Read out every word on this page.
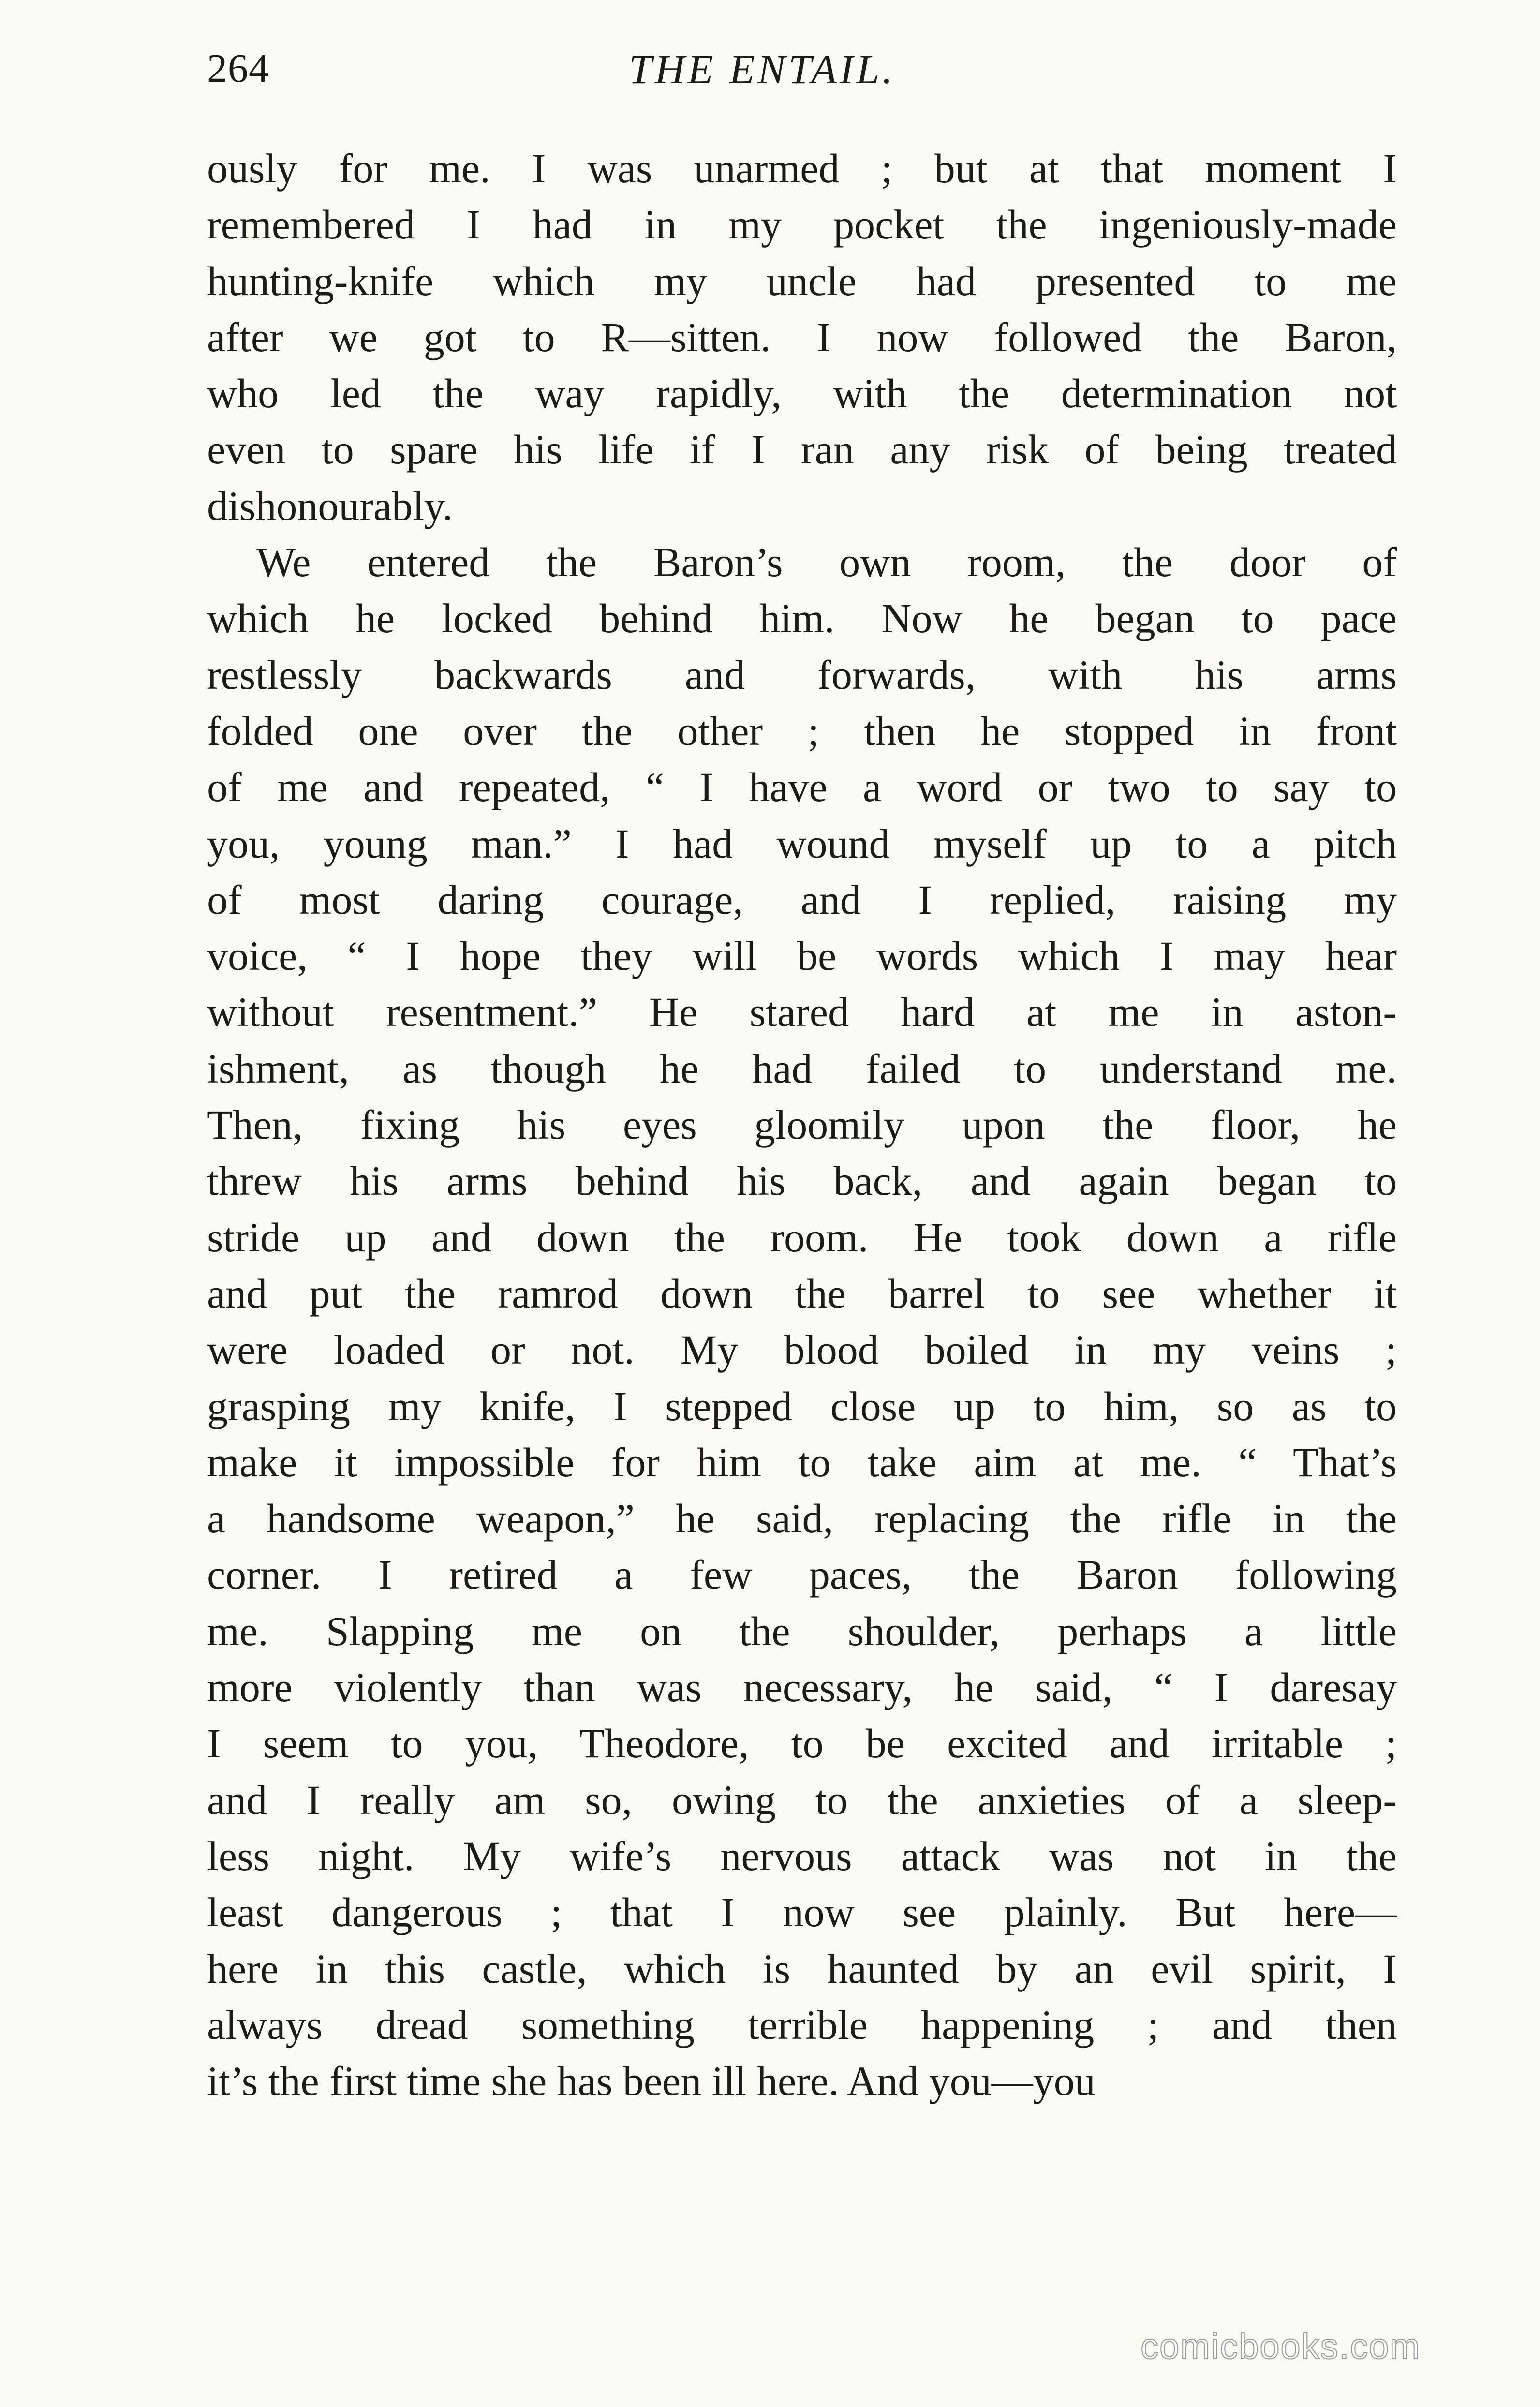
264	THE ENTAIL.
ously for me. I was unarmed ; but at that moment I
remembered I had in my pocket the ingeniously-made
hunting-knife which my uncle had presented to me
after we got to R—sitten. I now followed the Baron,
who led the way rapidly, with the determination not
even to spare his life if I ran any risk of being treated
dishonourably.
We entered the Baron’s own room, the door of
which he locked behind him. Now he began to pace
restlessly backwards and forwards, with his arms
folded one over the other ; then he stopped in front
of me and repeated, “ I have a word or two to say to
you, young man.” I had wound myself up to a pitch
of most daring courage, and I replied, raising my
voice, “ I hope they will be words which I may hear
without resentment.” He stared hard at me in aston-
ishment, as though he had failed to understand me.
Then, fixing his eyes gloomily upon the floor, he
threw his arms behind his back, and again began to
stride up and down the room. He took down a rifle
and put the ramrod down the barrel to see whether it
were loaded or not. My blood boiled in my veins ;
grasping my knife, I stepped close up to him, so as to
make it impossible for him to take aim at me. “ That’s
a handsome weapon,” he said, replacing the rifle in the
corner. I retired a few paces, the Baron following
me. Slapping me on the shoulder, perhaps a little
more violently than was necessary, he said, “ I daresay
I seem to you, Theodore, to be excited and irritable ;
and I really am so, owing to the anxieties of a sleep-
less night. My wife’s nervous attack was not in the
least dangerous ; that I now see plainly. But here—
here in this castle, which is haunted by an evil spirit, I
always dread something terrible happening ; and then
it’s the first time she has been ill here. And you—you
comicbooks.com
